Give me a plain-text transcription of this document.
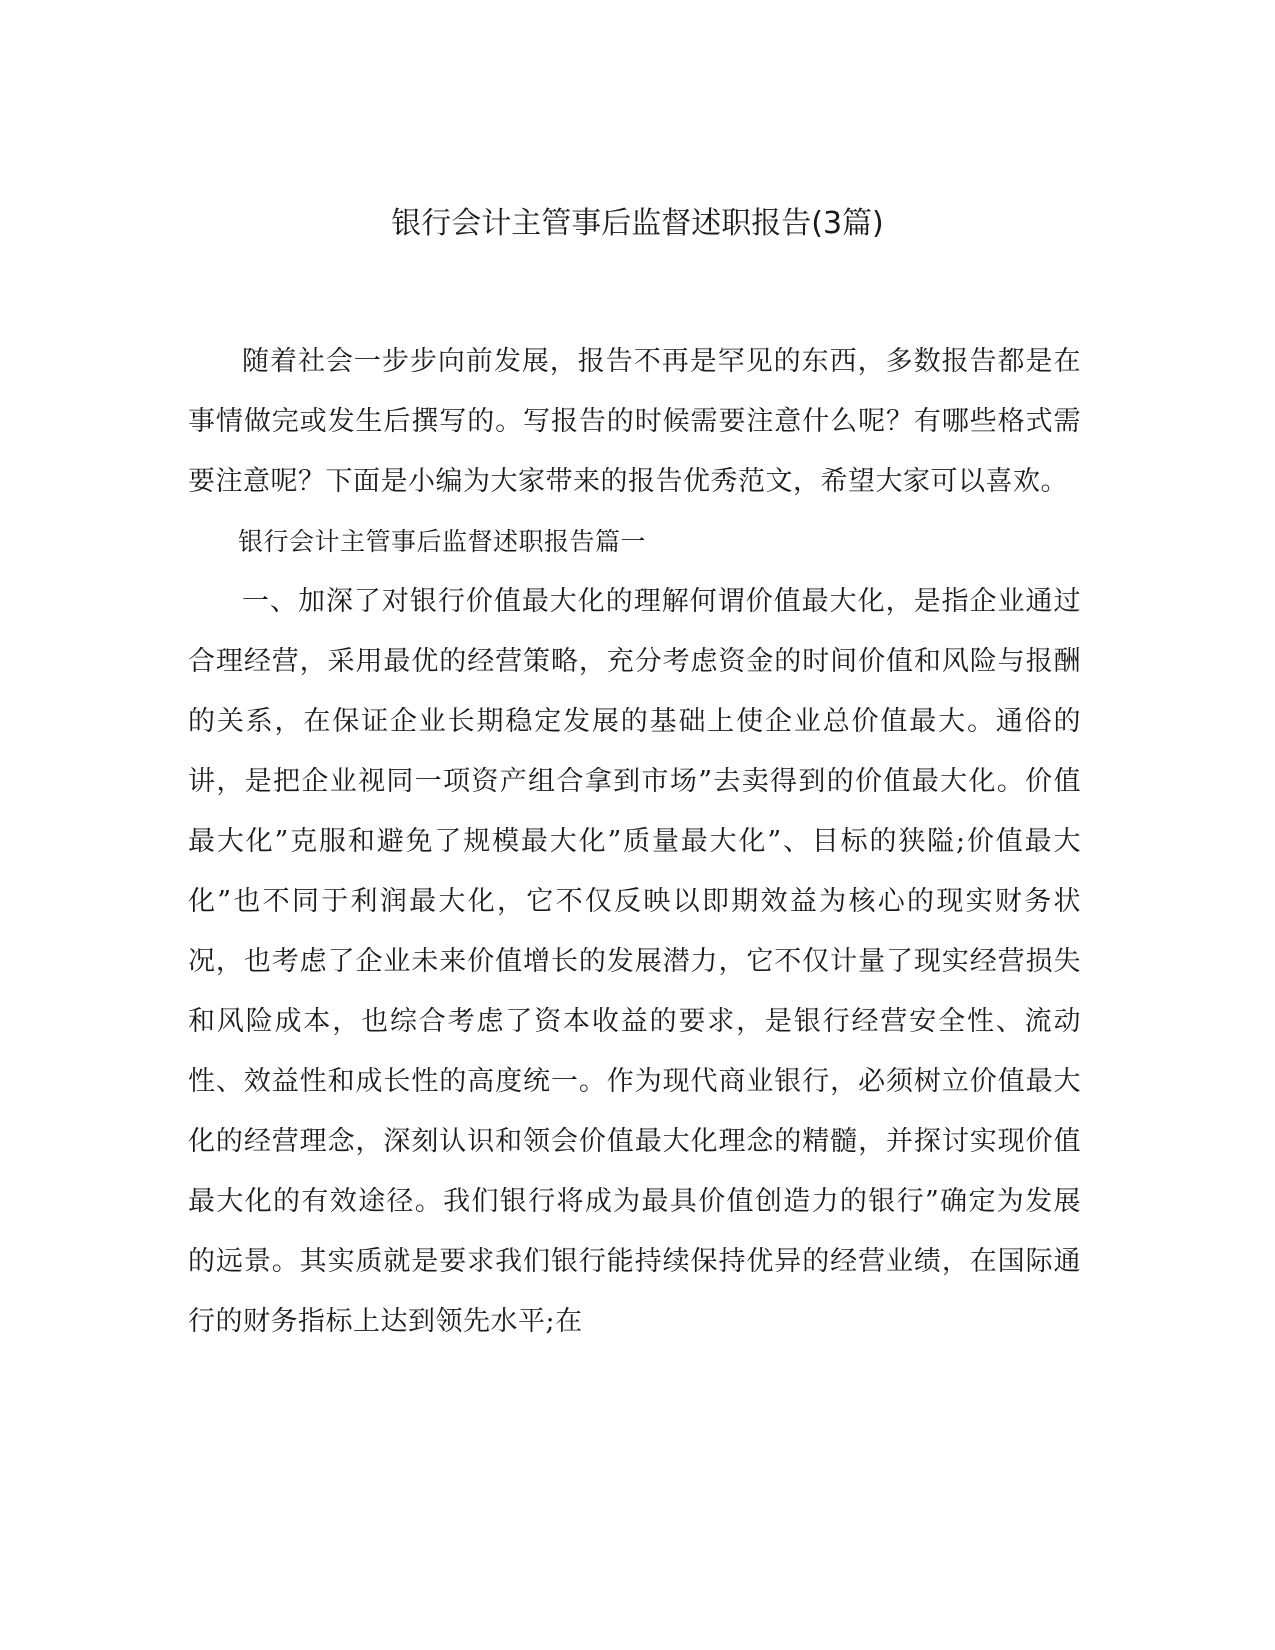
银行会计主管事后监督述职报告(3篇)

随着社会一步步向前发展，报告不再是罕见的东西，多数报告都是在事情做完或发生后撰写的。写报告的时候需要注意什么呢？有哪些格式需要注意呢？下面是小编为大家带来的报告优秀范文，希望大家可以喜欢。

银行会计主管事后监督述职报告篇一

一、加深了对银行价值最大化的理解何谓价值最大化，是指企业通过合理经营，采用最优的经营策略，充分考虑资金的时间价值和风险与报酬的关系，在保证企业长期稳定发展的基础上使企业总价值最大。通俗的讲，是把企业视同一项资产组合拿到市场”去卖得到的价值最大化。价值最大化”克服和避免了规模最大化”质量最大化”、目标的狭隘;价值最大化”也不同于利润最大化，它不仅反映以即期效益为核心的现实财务状况，也考虑了企业未来价值增长的发展潜力，它不仅计量了现实经营损失和风险成本，也综合考虑了资本收益的要求，是银行经营安全性、流动性、效益性和成长性的高度统一。作为现代商业银行，必须树立价值最大化的经营理念，深刻认识和领会价值最大化理念的精髓，并探讨实现价值最大化的有效途径。我们银行将成为最具价值创造力的银行”确定为发展的远景。其实质就是要求我们银行能持续保持优异的经营业绩，在国际通行的财务指标上达到领先水平;在
